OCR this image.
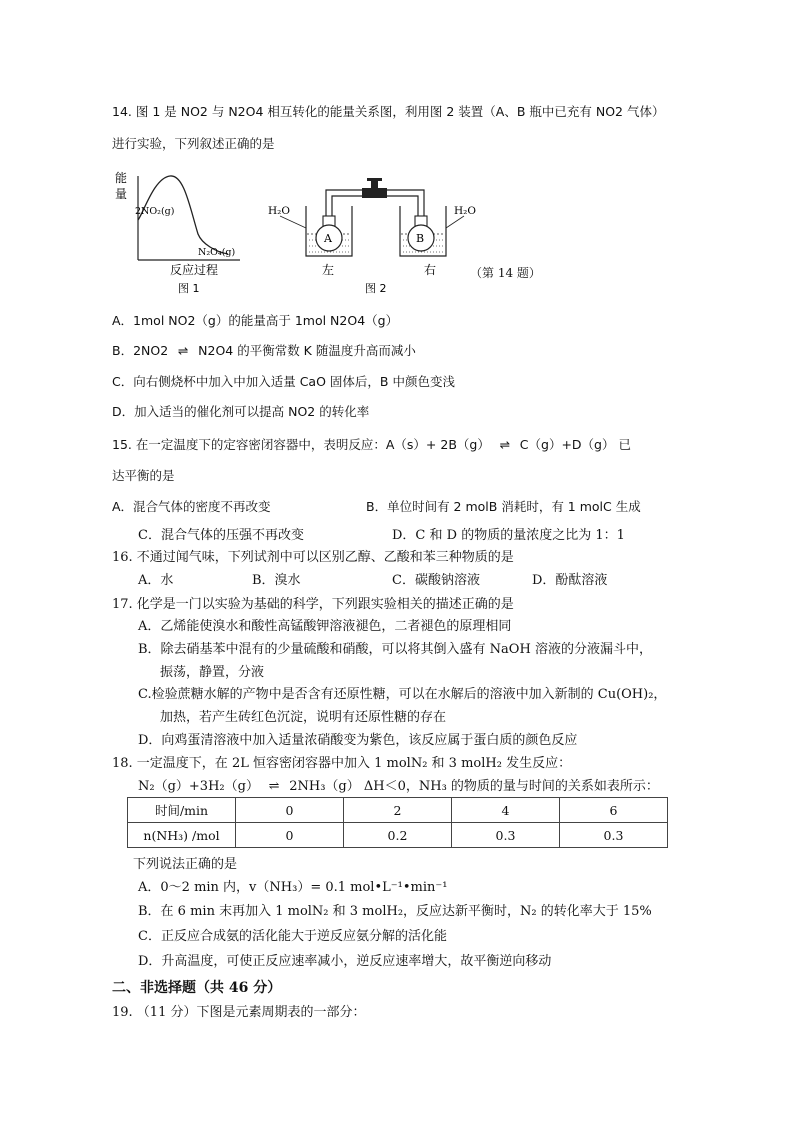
14. 图 1 是 NO2 与 N2O4 相互转化的能量关系图，利用图 2 装置（A、B 瓶中已充有 NO2 气体）
进行实验，下列叙述正确的是
能
量
2NO₂(g)
N₂O₄(g)
反应过程
图 1
A
H₂O
左
B
H₂O
右
图 2
（第 14 题）
A．1mol NO2（g）的能量高于 1mol N2O4（g）
B．2NO2 ⇌ N2O4 的平衡常数 K 随温度升高而减小
C．向右侧烧杯中加入中加入适量 CaO 固体后，B 中颜色变浅
D．加入适当的催化剂可以提高 NO2 的转化率
15. 在一定温度下的定容密闭容器中，表明反应：A（s）+ 2B（g） ⇌ C（g）+D（g） 已
达平衡的是
A．混合气体的密度不再改变	B．单位时间有 2 molB 消耗时，有 1 molC 生成
C．混合气体的压强不再改变	D．C 和 D 的物质的量浓度之比为 1：1
16. 不通过闻气味，下列试剂中可以区别乙醇、乙酸和苯三种物质的是
A．水	B．溴水	C．碳酸钠溶液	D．酚酞溶液
17. 化学是一门以实验为基础的科学，下列跟实验相关的描述正确的是
A．乙烯能使溴水和酸性高锰酸钾溶液褪色，二者褪色的原理相同
B．除去硝基苯中混有的少量硫酸和硝酸，可以将其倒入盛有 NaOH 溶液的分液漏斗中，
振荡，静置，分液
C.检验蔗糖水解的产物中是否含有还原性糖，可以在水解后的溶液中加入新制的 Cu(OH)₂，
加热，若产生砖红色沉淀，说明有还原性糖的存在
D．向鸡蛋清溶液中加入适量浓硝酸变为紫色，该反应属于蛋白质的颜色反应
18. 一定温度下，在 2L 恒容密闭容器中加入 1 molN₂ 和 3 molH₂ 发生反应：
N₂（g）+3H₂（g） ⇌ 2NH₃（g） ΔH＜0，NH₃ 的物质的量与时间的关系如表所示：
时间/min	0	2	4	6
n(NH₃) /mol	0	0.2	0.3	0.3
下列说法正确的是
A．0～2 min 内，v（NH₃）= 0.1 mol•L⁻¹•min⁻¹
B．在 6 min 末再加入 1 molN₂ 和 3 molH₂，反应达新平衡时，N₂ 的转化率大于 15%
C．正反应合成氨的活化能大于逆反应氨分解的活化能
D．升高温度，可使正反应速率减小，逆反应速率增大，故平衡逆向移动
二、非选择题（共 46 分）
19. （11 分）下图是元素周期表的一部分：
